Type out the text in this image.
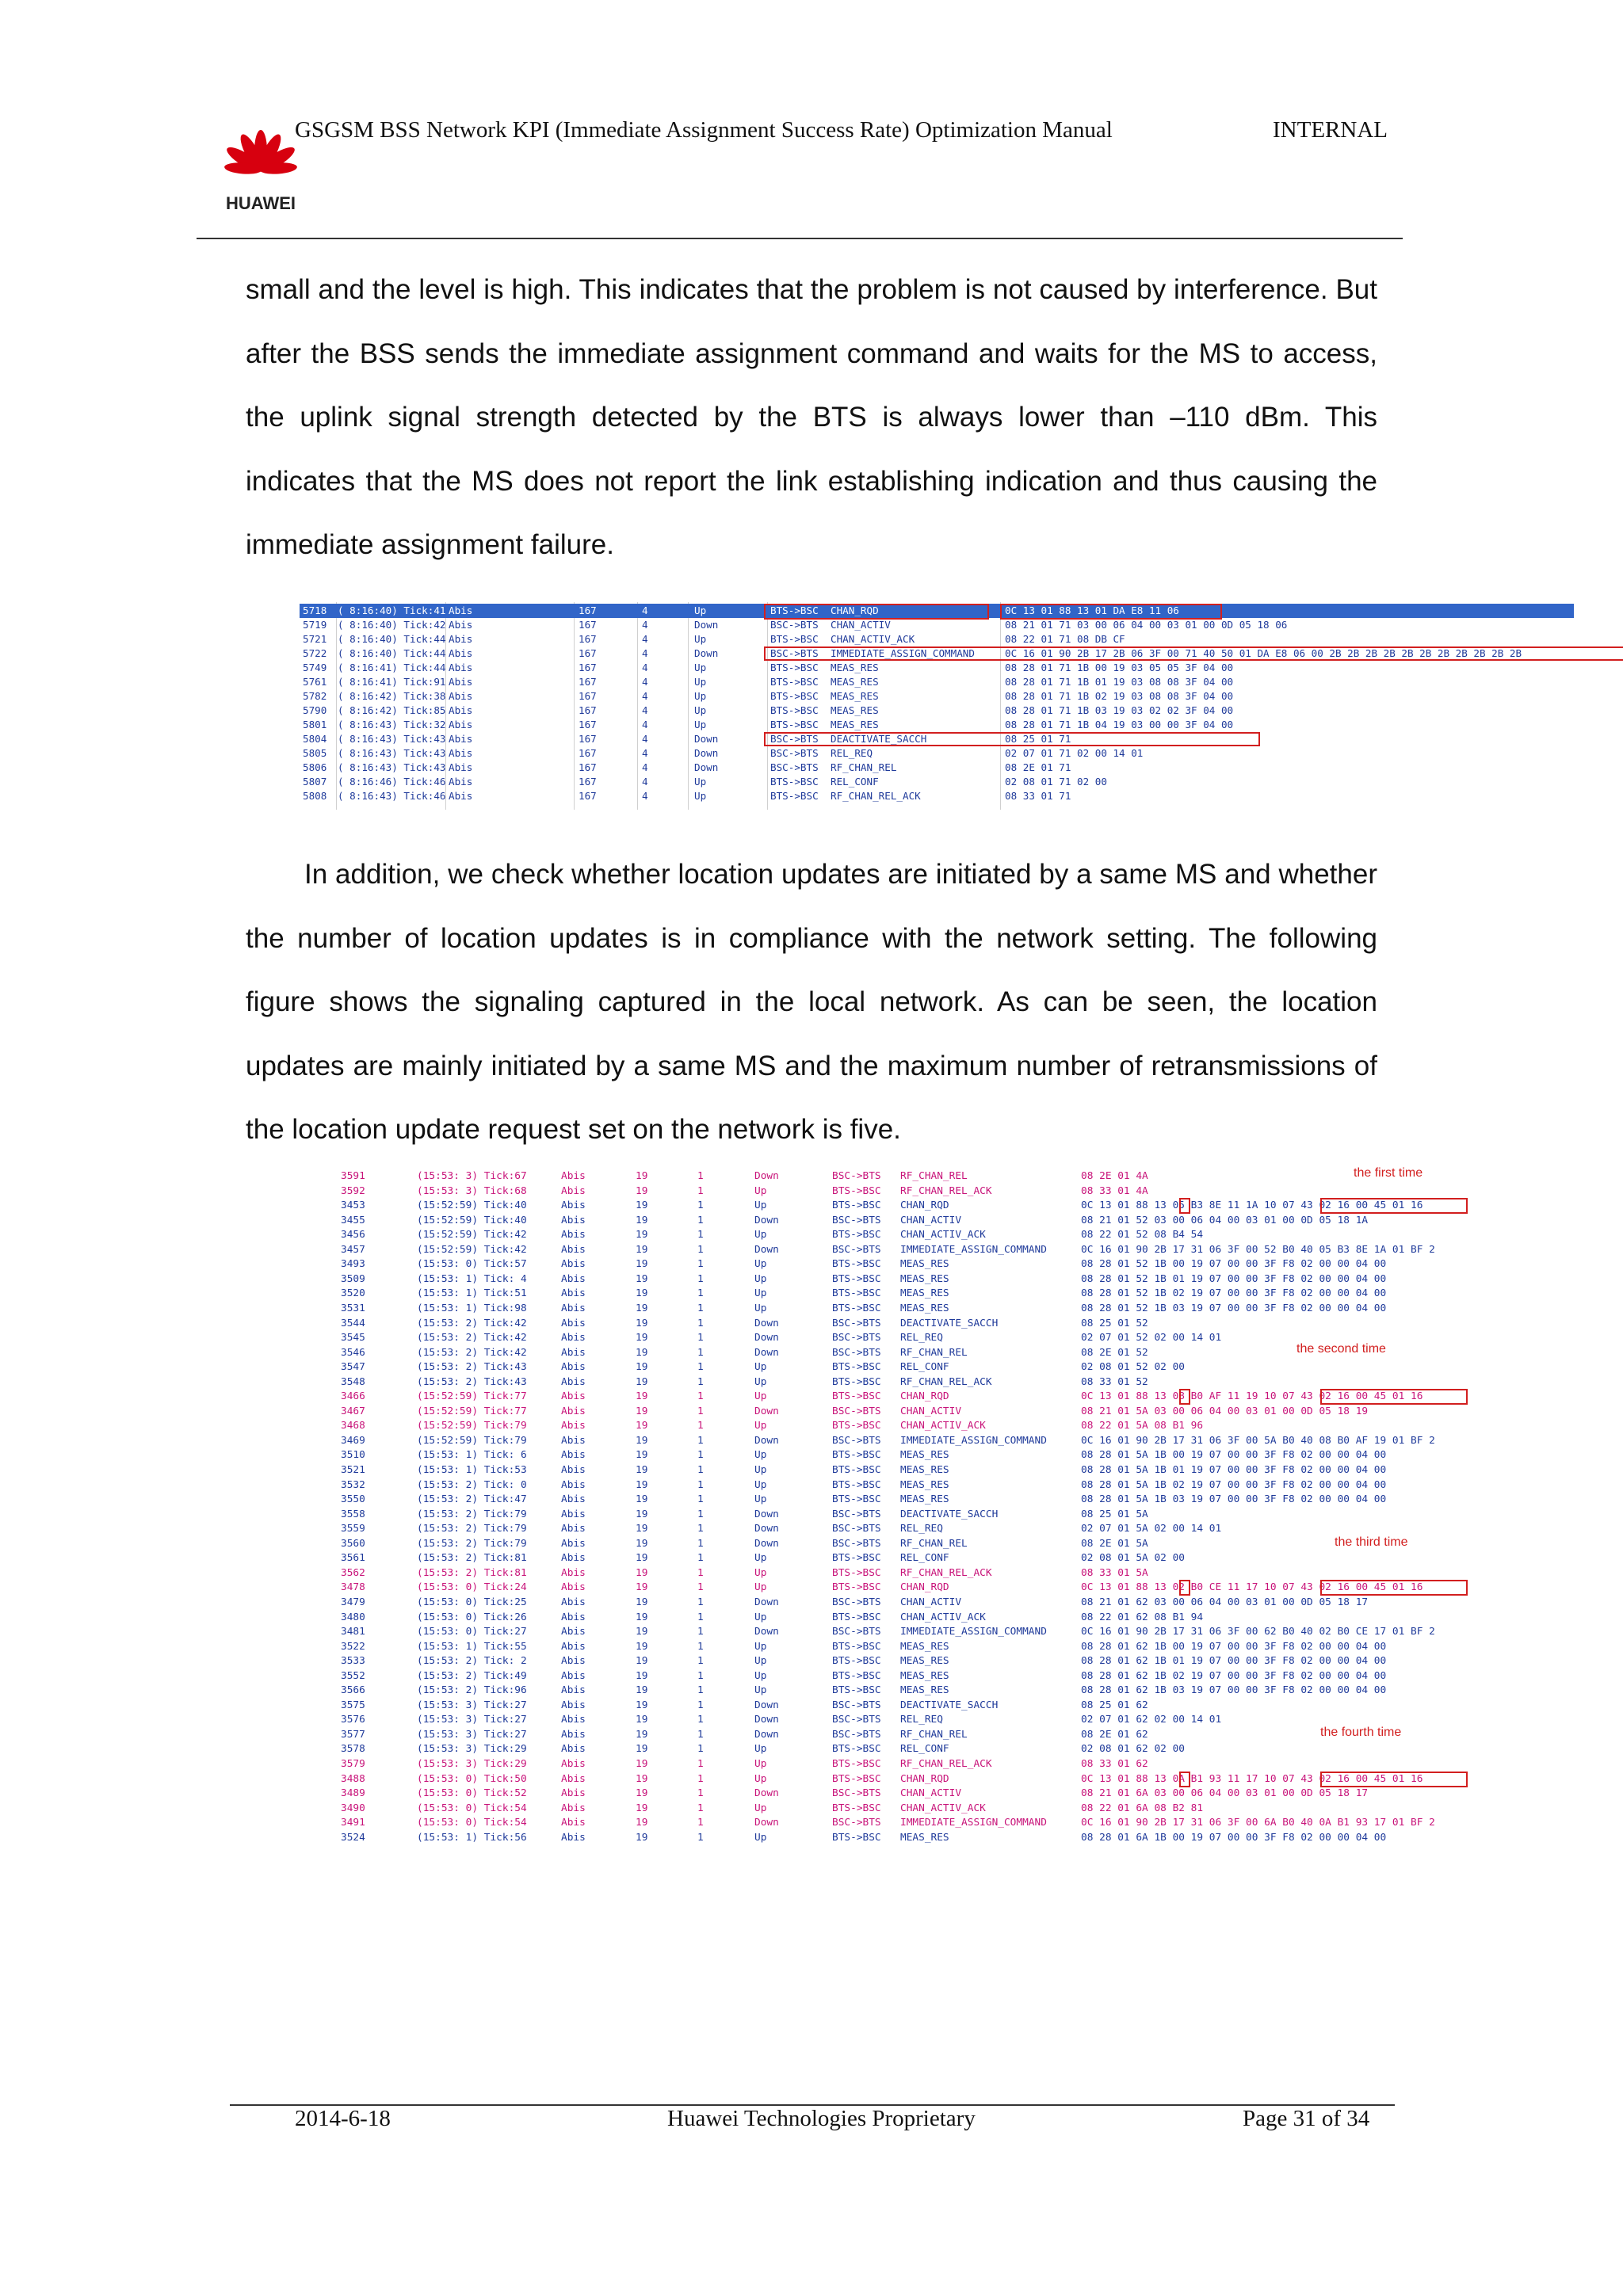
HUAWEI
GSGSM BSS Network KPI (Immediate Assignment Success Rate) Optimization Manual	INTERNAL

small and the level is high. This indicates that the problem is not caused by interference. But after the BSS sends the immediate assignment command and waits for the MS to access, the uplink signal strength detected by the BTS is always lower than –110 dBm. This indicates that the MS does not report the link establishing indication and thus causing the immediate assignment failure.

5718 ( 8:16:40) Tick:41 Abis	167	4	Up	BTS->BSC CHAN_RQD	0C 13 01 88 13 01 DA E8 11 06
5719 ( 8:16:40) Tick:42 Abis	167	4	Down	BSC->BTS CHAN_ACTIV	08 21 01 71 03 00 06 04 00 03 01 00 0D 05 18 06
5721 ( 8:16:40) Tick:44 Abis	167	4	Up	BTS->BSC CHAN_ACTIV_ACK	08 22 01 71 08 DB CF
5722 ( 8:16:40) Tick:44 Abis	167	4	Down	BSC->BTS IMMEDIATE_ASSIGN_COMMAND	0C 16 01 90 2B 17 2B 06 3F 00 71 40 50 01 DA E8 06 00 2B 2B 2B 2B 2B 2B 2B 2B 2B 2B 2B
5749 ( 8:16:41) Tick:44 Abis	167	4	Up	BTS->BSC MEAS_RES	08 28 01 71 1B 00 19 03 05 05 3F 04 00
5761 ( 8:16:41) Tick:91 Abis	167	4	Up	BTS->BSC MEAS_RES	08 28 01 71 1B 01 19 03 08 08 3F 04 00
5782 ( 8:16:42) Tick:38 Abis	167	4	Up	BTS->BSC MEAS_RES	08 28 01 71 1B 02 19 03 08 08 3F 04 00
5790 ( 8:16:42) Tick:85 Abis	167	4	Up	BTS->BSC MEAS_RES	08 28 01 71 1B 03 19 03 02 02 3F 04 00
5801 ( 8:16:43) Tick:32 Abis	167	4	Up	BTS->BSC MEAS_RES	08 28 01 71 1B 04 19 03 00 00 3F 04 00
5804 ( 8:16:43) Tick:43 Abis	167	4	Down	BSC->BTS DEACTIVATE_SACCH	08 25 01 71
5805 ( 8:16:43) Tick:43 Abis	167	4	Down	BSC->BTS REL_REQ	02 07 01 71 02 00 14 01
5806 ( 8:16:43) Tick:43 Abis	167	4	Down	BSC->BTS RF_CHAN_REL	08 2E 01 71
5807 ( 8:16:46) Tick:46 Abis	167	4	Up	BTS->BSC REL_CONF	02 08 01 71 02 00
5808 ( 8:16:43) Tick:46 Abis	167	4	Up	BTS->BSC RF_CHAN_REL_ACK	08 33 01 71

In addition, we check whether location updates are initiated by a same MS and whether the number of location updates is in compliance with the network setting. The following figure shows the signaling captured in the local network. As can be seen, the location updates are mainly initiated by a same MS and the maximum number of retransmissions of the location update request set on the network is five.

3591	(15:53: 3) Tick:67	Abis	19	1	Down	BSC->BTS RF_CHAN_REL	08 2E 01 4A
3592	(15:53: 3) Tick:68	Abis	19	1	Up	BTS->BSC RF_CHAN_REL_ACK	08 33 01 4A
3453	(15:52:59) Tick:40	Abis	19	1	Up	BTS->BSC CHAN_RQD	0C 13 01 88 13 05 B3 8E 11 1A 10 07 43 02 16 00 45 01 16
3455	(15:52:59) Tick:40	Abis	19	1	Down	BSC->BTS CHAN_ACTIV	08 21 01 52 03 00 06 04 00 03 01 00 0D 05 18 1A
3456	(15:52:59) Tick:42	Abis	19	1	Up	BTS->BSC CHAN_ACTIV_ACK	08 22 01 52 08 B4 54
3457	(15:52:59) Tick:42	Abis	19	1	Down	BSC->BTS IMMEDIATE_ASSIGN_COMMAND	0C 16 01 90 2B 17 31 06 3F 00 52 B0 40 05 B3 8E 1A 01 BF 2
3493	(15:53: 0) Tick:57	Abis	19	1	Up	BTS->BSC MEAS_RES	08 28 01 52 1B 00 19 07 00 00 3F F8 02 00 00 04 00
3509	(15:53: 1) Tick: 4	Abis	19	1	Up	BTS->BSC MEAS_RES	08 28 01 52 1B 01 19 07 00 00 3F F8 02 00 00 04 00
3520	(15:53: 1) Tick:51	Abis	19	1	Up	BTS->BSC MEAS_RES	08 28 01 52 1B 02 19 07 00 00 3F F8 02 00 00 04 00
3531	(15:53: 1) Tick:98	Abis	19	1	Up	BTS->BSC MEAS_RES	08 28 01 52 1B 03 19 07 00 00 3F F8 02 00 00 04 00
3544	(15:53: 2) Tick:42	Abis	19	1	Down	BSC->BTS DEACTIVATE_SACCH	08 25 01 52
3545	(15:53: 2) Tick:42	Abis	19	1	Down	BSC->BTS REL_REQ	02 07 01 52 02 00 14 01
3546	(15:53: 2) Tick:42	Abis	19	1	Down	BSC->BTS RF_CHAN_REL	08 2E 01 52
3547	(15:53: 2) Tick:43	Abis	19	1	Up	BTS->BSC REL_CONF	02 08 01 52 02 00
3548	(15:53: 2) Tick:43	Abis	19	1	Up	BTS->BSC RF_CHAN_REL_ACK	08 33 01 52
3466	(15:52:59) Tick:77	Abis	19	1	Up	BTS->BSC CHAN_RQD	0C 13 01 88 13 08 B0 AF 11 19 10 07 43 02 16 00 45 01 16
3467	(15:52:59) Tick:77	Abis	19	1	Down	BSC->BTS CHAN_ACTIV	08 21 01 5A 03 00 06 04 00 03 01 00 0D 05 18 19
3468	(15:52:59) Tick:79	Abis	19	1	Up	BTS->BSC CHAN_ACTIV_ACK	08 22 01 5A 08 B1 96
3469	(15:52:59) Tick:79	Abis	19	1	Down	BSC->BTS IMMEDIATE_ASSIGN_COMMAND	0C 16 01 90 2B 17 31 06 3F 00 5A B0 40 08 B0 AF 19 01 BF 2
3510	(15:53: 1) Tick: 6	Abis	19	1	Up	BTS->BSC MEAS_RES	08 28 01 5A 1B 00 19 07 00 00 3F F8 02 00 00 04 00
3521	(15:53: 1) Tick:53	Abis	19	1	Up	BTS->BSC MEAS_RES	08 28 01 5A 1B 01 19 07 00 00 3F F8 02 00 00 04 00
3532	(15:53: 2) Tick: 0	Abis	19	1	Up	BTS->BSC MEAS_RES	08 28 01 5A 1B 02 19 07 00 00 3F F8 02 00 00 04 00
3550	(15:53: 2) Tick:47	Abis	19	1	Up	BTS->BSC MEAS_RES	08 28 01 5A 1B 03 19 07 00 00 3F F8 02 00 00 04 00
3558	(15:53: 2) Tick:79	Abis	19	1	Down	BSC->BTS DEACTIVATE_SACCH	08 25 01 5A
3559	(15:53: 2) Tick:79	Abis	19	1	Down	BSC->BTS REL_REQ	02 07 01 5A 02 00 14 01
3560	(15:53: 2) Tick:79	Abis	19	1	Down	BSC->BTS RF_CHAN_REL	08 2E 01 5A
3561	(15:53: 2) Tick:81	Abis	19	1	Up	BTS->BSC REL_CONF	02 08 01 5A 02 00
3562	(15:53: 2) Tick:81	Abis	19	1	Up	BTS->BSC RF_CHAN_REL_ACK	08 33 01 5A
3478	(15:53: 0) Tick:24	Abis	19	1	Up	BTS->BSC CHAN_RQD	0C 13 01 88 13 02 B0 CE 11 17 10 07 43 02 16 00 45 01 16
3479	(15:53: 0) Tick:25	Abis	19	1	Down	BSC->BTS CHAN_ACTIV	08 21 01 62 03 00 06 04 00 03 01 00 0D 05 18 17
3480	(15:53: 0) Tick:26	Abis	19	1	Up	BTS->BSC CHAN_ACTIV_ACK	08 22 01 62 08 B1 94
3481	(15:53: 0) Tick:27	Abis	19	1	Down	BSC->BTS IMMEDIATE_ASSIGN_COMMAND	0C 16 01 90 2B 17 31 06 3F 00 62 B0 40 02 B0 CE 17 01 BF 2
3522	(15:53: 1) Tick:55	Abis	19	1	Up	BTS->BSC MEAS_RES	08 28 01 62 1B 00 19 07 00 00 3F F8 02 00 00 04 00
3533	(15:53: 2) Tick: 2	Abis	19	1	Up	BTS->BSC MEAS_RES	08 28 01 62 1B 01 19 07 00 00 3F F8 02 00 00 04 00
3552	(15:53: 2) Tick:49	Abis	19	1	Up	BTS->BSC MEAS_RES	08 28 01 62 1B 02 19 07 00 00 3F F8 02 00 00 04 00
3566	(15:53: 2) Tick:96	Abis	19	1	Up	BTS->BSC MEAS_RES	08 28 01 62 1B 03 19 07 00 00 3F F8 02 00 00 04 00
3575	(15:53: 3) Tick:27	Abis	19	1	Down	BSC->BTS DEACTIVATE_SACCH	08 25 01 62
3576	(15:53: 3) Tick:27	Abis	19	1	Down	BSC->BTS REL_REQ	02 07 01 62 02 00 14 01
3577	(15:53: 3) Tick:27	Abis	19	1	Down	BSC->BTS RF_CHAN_REL	08 2E 01 62
3578	(15:53: 3) Tick:29	Abis	19	1	Up	BTS->BSC REL_CONF	02 08 01 62 02 00
3579	(15:53: 3) Tick:29	Abis	19	1	Up	BTS->BSC RF_CHAN_REL_ACK	08 33 01 62
3488	(15:53: 0) Tick:50	Abis	19	1	Up	BTS->BSC CHAN_RQD	0C 13 01 88 13 0A B1 93 11 17 10 07 43 02 16 00 45 01 16
3489	(15:53: 0) Tick:52	Abis	19	1	Down	BSC->BTS CHAN_ACTIV	08 21 01 6A 03 00 06 04 00 03 01 00 0D 05 18 17
3490	(15:53: 0) Tick:54	Abis	19	1	Up	BTS->BSC CHAN_ACTIV_ACK	08 22 01 6A 08 B2 81
3491	(15:53: 0) Tick:54	Abis	19	1	Down	BSC->BTS IMMEDIATE_ASSIGN_COMMAND	0C 16 01 90 2B 17 31 06 3F 00 6A B0 40 0A B1 93 17 01 BF 2
3524	(15:53: 1) Tick:56	Abis	19	1	Up	BTS->BSC MEAS_RES	08 28 01 6A 1B 00 19 07 00 00 3F F8 02 00 00 04 00
the first time
the second time
the third time
the fourth time
2014-6-18	Huawei Technologies Proprietary	Page 31 of 34
